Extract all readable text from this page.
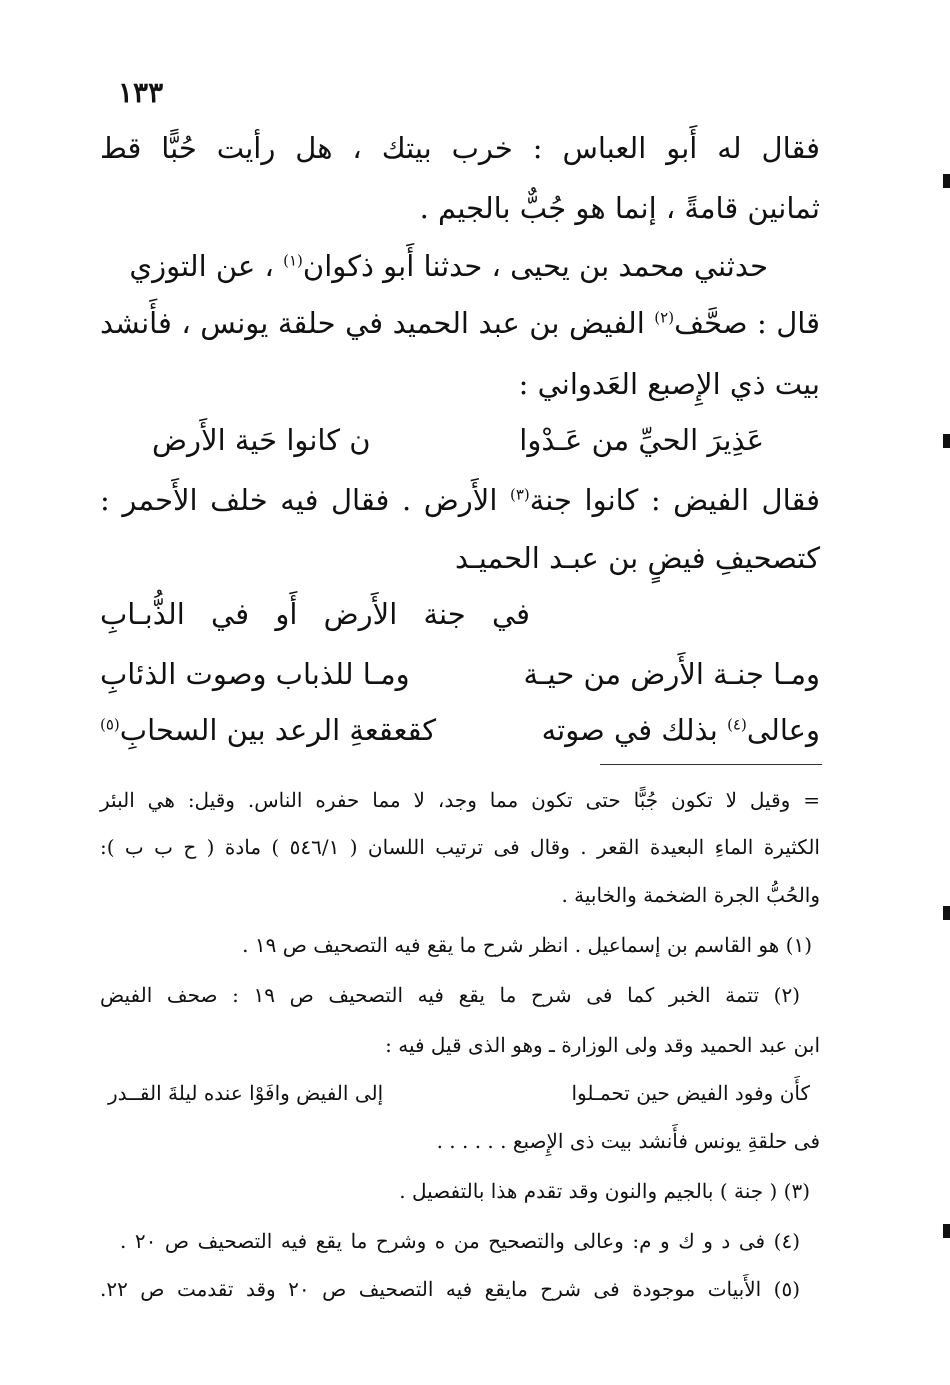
١٣٣
فقال له أَبو العباس : خرب بيتك ، هل رأيت حُبًّا قط
ثمانين قامةً ، إنما هو جُبٌّ بالجيم .
حدثني محمد بن يحيى ، حدثنا أَبو ذكوان$^{(١)}$ ، عن التوزي
قال : صحَّف$^{(٢)}$ الفيض بن عبد الحميد في حلقة يونس ، فأَنشد
بيت ذي الإِصبع العَدواني :
عَذِيرَ الحيِّ من عَـدْوا
ن كانوا حَية الأَرض
فقال الفيض : كانوا جنة$^{(٣)}$ الأَرض . فقال فيه خلف الأَحمر :
كتصحيفِ فيضٍ بن عبـد الحميـد
في جنة الأَرض أَو في الذُّبـابِ
ومـا جنـة الأَرض من حيـة
ومـا للذباب وصوت الذئابِ
وعالى$^{(٤)}$ بذلك في صوته
كقعقعةِ الرعد بين السحابِ$^{(٥)}$
= وقيل لا تكون جُبًّا حتى تكون مما وجد، لا مما حفره الناس. وقيل: هي البئر
الكثيرة الماءِ البعيدة القعر . وقال فى ترتيب اللسان ( ٥٤٦/١ ) مادة ( ح ب ب ):
والحُبُّ الجرة الضخمة والخابية .
(١) هو القاسم بن إسماعيل . انظر شرح ما يقع فيه التصحيف ص ١٩ .
(٢) تتمة الخبر كما فى شرح ما يقع فيه التصحيف ص ١٩ : صحف الفيض
ابن عبد الحميد وقد ولى الوزارة ـ وهو الذى قيل فيه :
كأَن وفود الفيض حين تحمـلوا
إلى الفيض وافَوْا عنده ليلةَ القــدر
فى حلقةِ يونس فأَنشد بيت ذى الإِصبع . . . . . .
(٣) ( جنة ) بالجيم والنون وقد تقدم هذا بالتفصيل .
(٤) فى د و ك و م: وعالى والتصحيح من ه وشرح ما يقع فيه التصحيف ص ٢٠ .
(٥) الأَبيات موجودة فى شرح مايقع فيه التصحيف ص ٢٠ وقد تقدمت ص ٢٢.
